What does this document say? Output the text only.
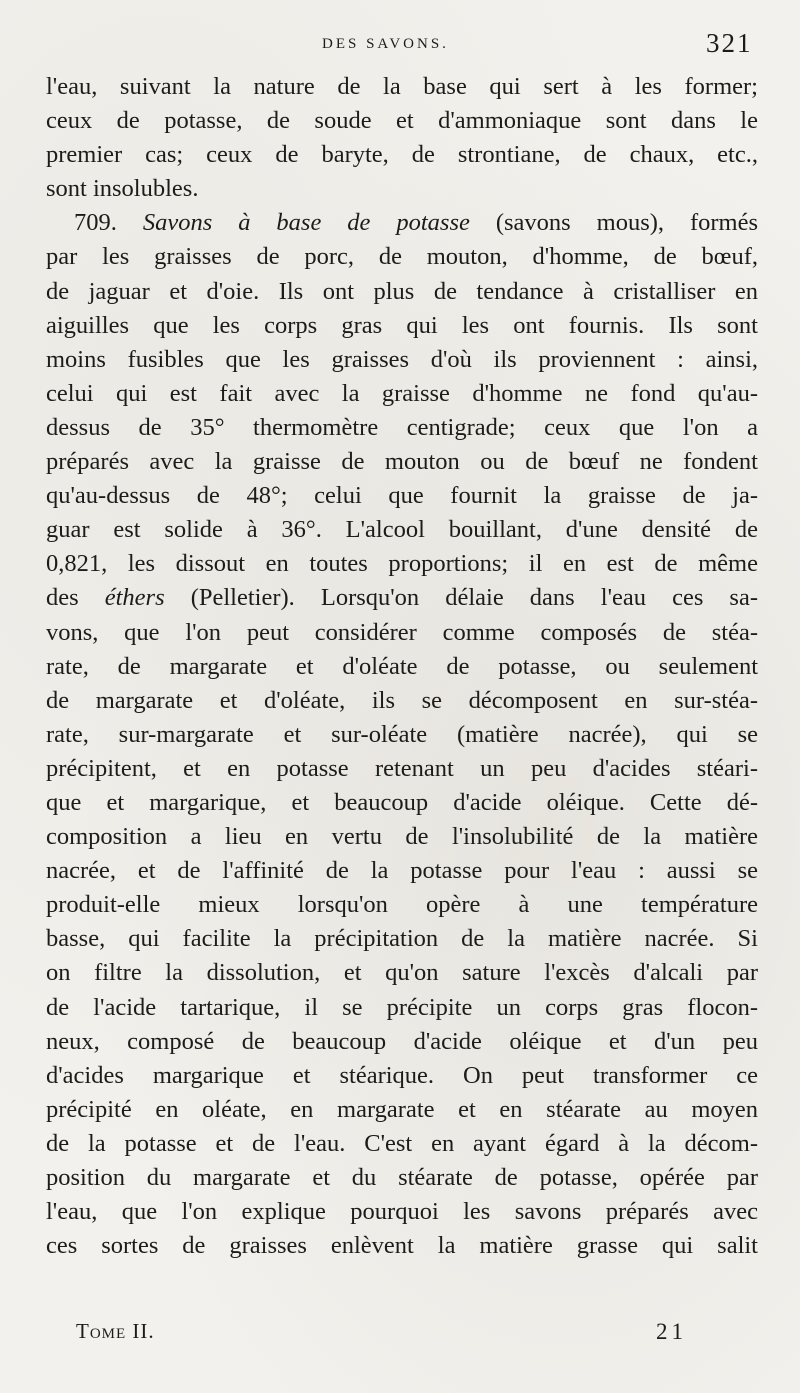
DES SAVONS.	321
l'eau, suivant la nature de la base qui sert à les former;
ceux de potasse, de soude et d'ammoniaque sont dans le
premier cas; ceux de baryte, de strontiane, de chaux, etc.,
sont insolubles.
709. Savons à base de potasse (savons mous), formés
par les graisses de porc, de mouton, d'homme, de bœuf,
de jaguar et d'oie. Ils ont plus de tendance à cristalliser en
aiguilles que les corps gras qui les ont fournis. Ils sont
moins fusibles que les graisses d'où ils proviennent : ainsi,
celui qui est fait avec la graisse d'homme ne fond qu'au-
dessus de 35° thermomètre centigrade; ceux que l'on a
préparés avec la graisse de mouton ou de bœuf ne fondent
qu'au-dessus de 48°; celui que fournit la graisse de ja-
guar est solide à 36°. L'alcool bouillant, d'une densité de
0,821, les dissout en toutes proportions; il en est de même
des éthers (Pelletier). Lorsqu'on délaie dans l'eau ces sa-
vons, que l'on peut considérer comme composés de stéa-
rate, de margarate et d'oléate de potasse, ou seulement
de margarate et d'oléate, ils se décomposent en sur-stéa-
rate, sur-margarate et sur-oléate (matière nacrée), qui se
précipitent, et en potasse retenant un peu d'acides stéari-
que et margarique, et beaucoup d'acide oléique. Cette dé-
composition a lieu en vertu de l'insolubilité de la matière
nacrée, et de l'affinité de la potasse pour l'eau : aussi se
produit-elle mieux lorsqu'on opère à une température
basse, qui facilite la précipitation de la matière nacrée. Si
on filtre la dissolution, et qu'on sature l'excès d'alcali par
de l'acide tartarique, il se précipite un corps gras flocon-
neux, composé de beaucoup d'acide oléique et d'un peu
d'acides margarique et stéarique. On peut transformer ce
précipité en oléate, en margarate et en stéarate au moyen
de la potasse et de l'eau. C'est en ayant égard à la décom-
position du margarate et du stéarate de potasse, opérée par
l'eau, que l'on explique pourquoi les savons préparés avec
ces sortes de graisses enlèvent la matière grasse qui salit
Tome II.	21
